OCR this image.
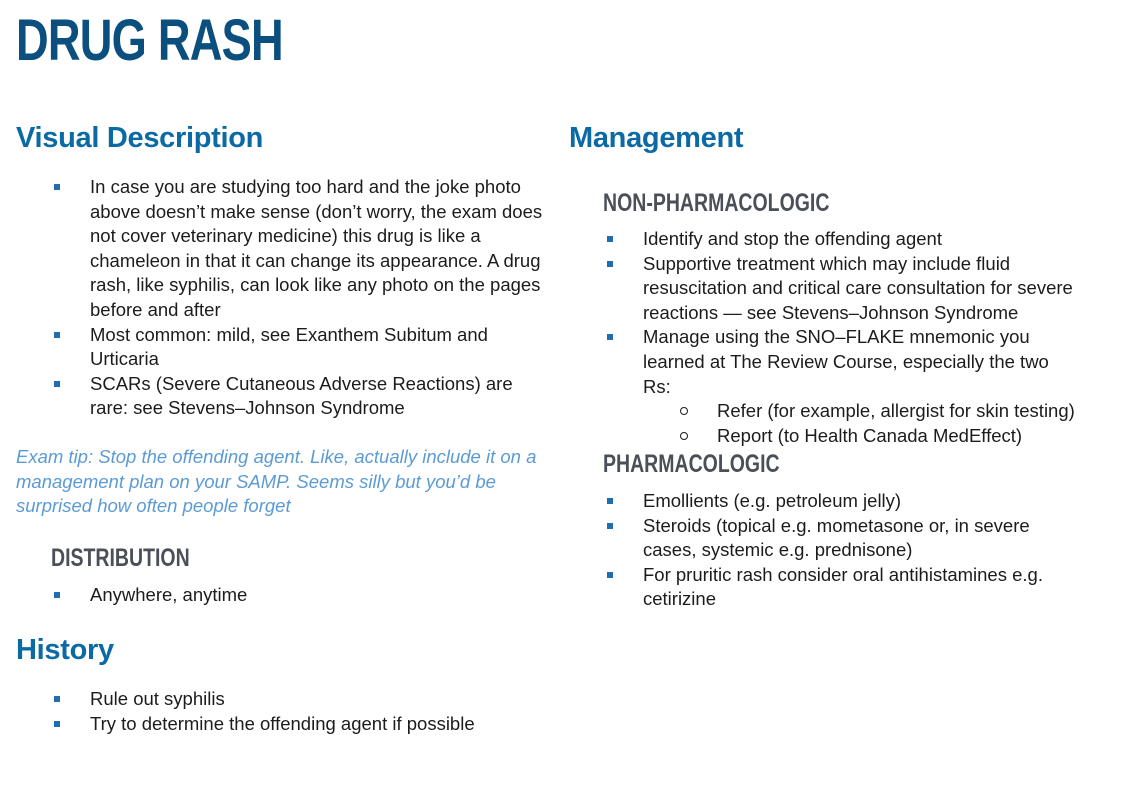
DRUG RASH
Visual Description
In case you are studying too hard and the joke photo above doesn’t make sense (don’t worry, the exam does not cover veterinary medicine) this drug is like a chameleon in that it can change its appearance. A drug rash, like syphilis, can look like any photo on the pages before and after
Most common: mild, see Exanthem Subitum and Urticaria
SCARs (Severe Cutaneous Adverse Reactions) are rare: see Stevens–Johnson Syndrome

Exam tip: Stop the offending agent. Like, actually include it on a management plan on your SAMP. Seems silly but you’d be surprised how often people forget

DISTRIBUTION
Anywhere, anytime
History
Rule out syphilis
Try to determine the offending agent if possible
Management
NON-PHARMACOLOGIC
Identify and stop the offending agent
Supportive treatment which may include fluid resuscitation and critical care consultation for severe reactions — see Stevens–Johnson Syndrome
Manage using the SNO–FLAKE mnemonic you learned at The Review Course, especially the two Rs:
Refer (for example, allergist for skin testing)
Report (to Health Canada MedEffect)
PHARMACOLOGIC
Emollients (e.g. petroleum jelly)
Steroids (topical e.g. mometasone or, in severe cases, systemic e.g. prednisone)
For pruritic rash consider oral antihistamines e.g. cetirizine
